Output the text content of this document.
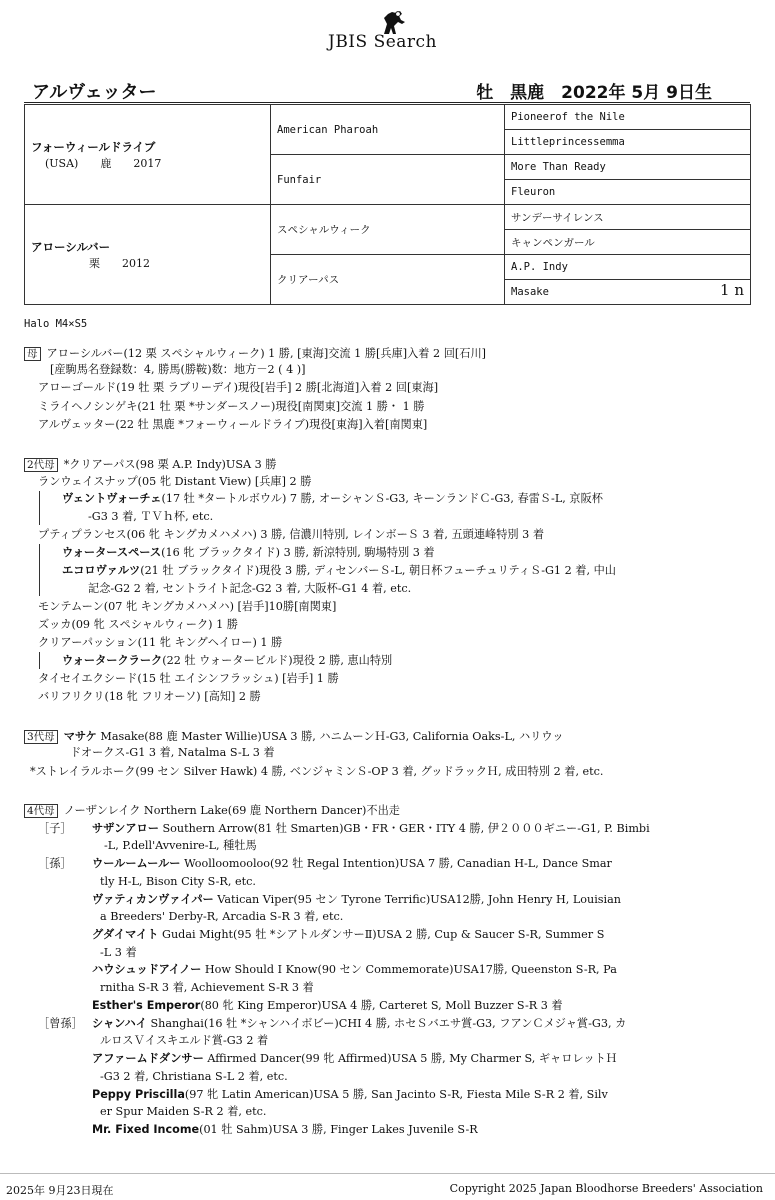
JBIS Search
アルヴェッター	牡　黒鹿　2022年 5月 9日生
フォーウィールドライブ
(USA)　　鹿　　2017	American Pharoah	Pioneerof the Nile
		Littleprincessemma
	Funfair	More Than Ready
		Fleuron

アローシルバー
　　　　栗　　2012	スペシャルウィーク	サンデーサイレンス
		キャンペンガール
	クリアーパス	A.P. Indy
		Masake 1 n
Halo M4×S5
母 アローシルバー(12 栗 スペシャルウィーク) 1 勝, [東海]交流 1 勝[兵庫]入着 2 回[石川]
[産駒馬名登録数：4, 勝馬(勝鞍)数：地方－2 ( 4 )]
アローゴールド(19 牡 栗 ラブリーデイ)現役[岩手] 2 勝[北海道]入着 2 回[東海]
ミライヘノシンゲキ(21 牡 栗 *サンダースノー)現役[南関東]交流 1 勝・ 1 勝
アルヴェッター(22 牡 黒鹿 *フォーウィールドライブ)現役[東海]入着[南関東]
2代母 *クリアーパス(98 栗 A.P. Indy)USA 3 勝
ランウェイスナップ(05 牝 Distant View) [兵庫] 2 勝
ヴェントヴォーチェ(17 牡 *タートルボウル) 7 勝, オーシャンＳ-G3, キーンランドＣ-G3, 春雷Ｓ-L, 京阪杯
-G3 3 着, ＴＶｈ杯, etc.
プティプランセス(06 牝 キングカメハメハ) 3 勝, 信濃川特別, レインボーＳ 3 着, 五頭連峰特別 3 着
ウォータースペース(16 牝 ブラックタイド) 3 勝, 新涼特別, 駒場特別 3 着
エコロヴァルツ(21 牡 ブラックタイド)現役 3 勝, ディセンバーＳ-L, 朝日杯フューチュリティＳ-G1 2 着, 中山
記念-G2 2 着, セントライト記念-G2 3 着, 大阪杯-G1 4 着, etc.
モンテムーン(07 牝 キングカメハメハ) [岩手]10勝[南関東]
ズッカ(09 牝 スペシャルウィーク) 1 勝
クリアーパッション(11 牝 キングヘイロー) 1 勝
ウォータークラーク(22 牡 ウォータービルド)現役 2 勝, 恵山特別
タイセイエクシード(15 牡 エイシンフラッシュ) [岩手] 1 勝
バリフリクリ(18 牝 フリオーソ) [高知] 2 勝
3代母 マサケ Masake(88 鹿 Master Willie)USA 3 勝, ハニムーンＨ-G3, California Oaks-L, ハリウッ
ドオークス-G1 3 着, Natalma S-L 3 着
*ストレイラルホーク(99 セン Silver Hawk) 4 勝, ベンジャミンＳ-OP 3 着, グッドラックＨ, 成田特別 2 着, etc.
4代母 ノーザンレイク Northern Lake(69 鹿 Northern Dancer)不出走
［子］ サザンアロー Southern Arrow(81 牡 Smarten)GB・FR・GER・ITY 4 勝, 伊２０００ギニー-G1, P. Bimbi
-L, P.dell'Avvenire-L, 種牡馬
［孫］ ウールームールー Woolloomooloo(92 牡 Regal Intention)USA 7 勝, Canadian H-L, Dance Smar
tly H-L, Bison City S-R, etc.
ヴァティカンヴァイパー Vatican Viper(95 セン Tyrone Terrific)USA12勝, John Henry H, Louisian
a Breeders' Derby-R, Arcadia S-R 3 着, etc.
グダイマイト Gudai Might(95 牡 *シアトルダンサーⅡ)USA 2 勝, Cup & Saucer S-R, Summer S
-L 3 着
ハウシュッドアイノー How Should I Know(90 セン Commemorate)USA17勝, Queenston S-R, Pa
rnitha S-R 3 着, Achievement S-R 3 着
Esther's Emperor(80 牝 King Emperor)USA 4 勝, Carteret S, Moll Buzzer S-R 3 着
［曾孫］ シャンハイ Shanghai(16 牡 *シャンハイボビー)CHI 4 勝, ホセＳバエサ賞-G3, フアンＣメジャ賞-G3, カ
ルロスＶイスキエルド賞-G3 2 着
アファームドダンサー Affirmed Dancer(99 牝 Affirmed)USA 5 勝, My Charmer S, ギャロレットＨ
-G3 2 着, Christiana S-L 2 着, etc.
Peppy Priscilla(97 牝 Latin American)USA 5 勝, San Jacinto S-R, Fiesta Mile S-R 2 着, Silv
er Spur Maiden S-R 2 着, etc.
Mr. Fixed Income(01 牡 Sahm)USA 3 勝, Finger Lakes Juvenile S-R
2025年 9月23日現在	Copyright 2025 Japan Bloodhorse Breeders' Association
